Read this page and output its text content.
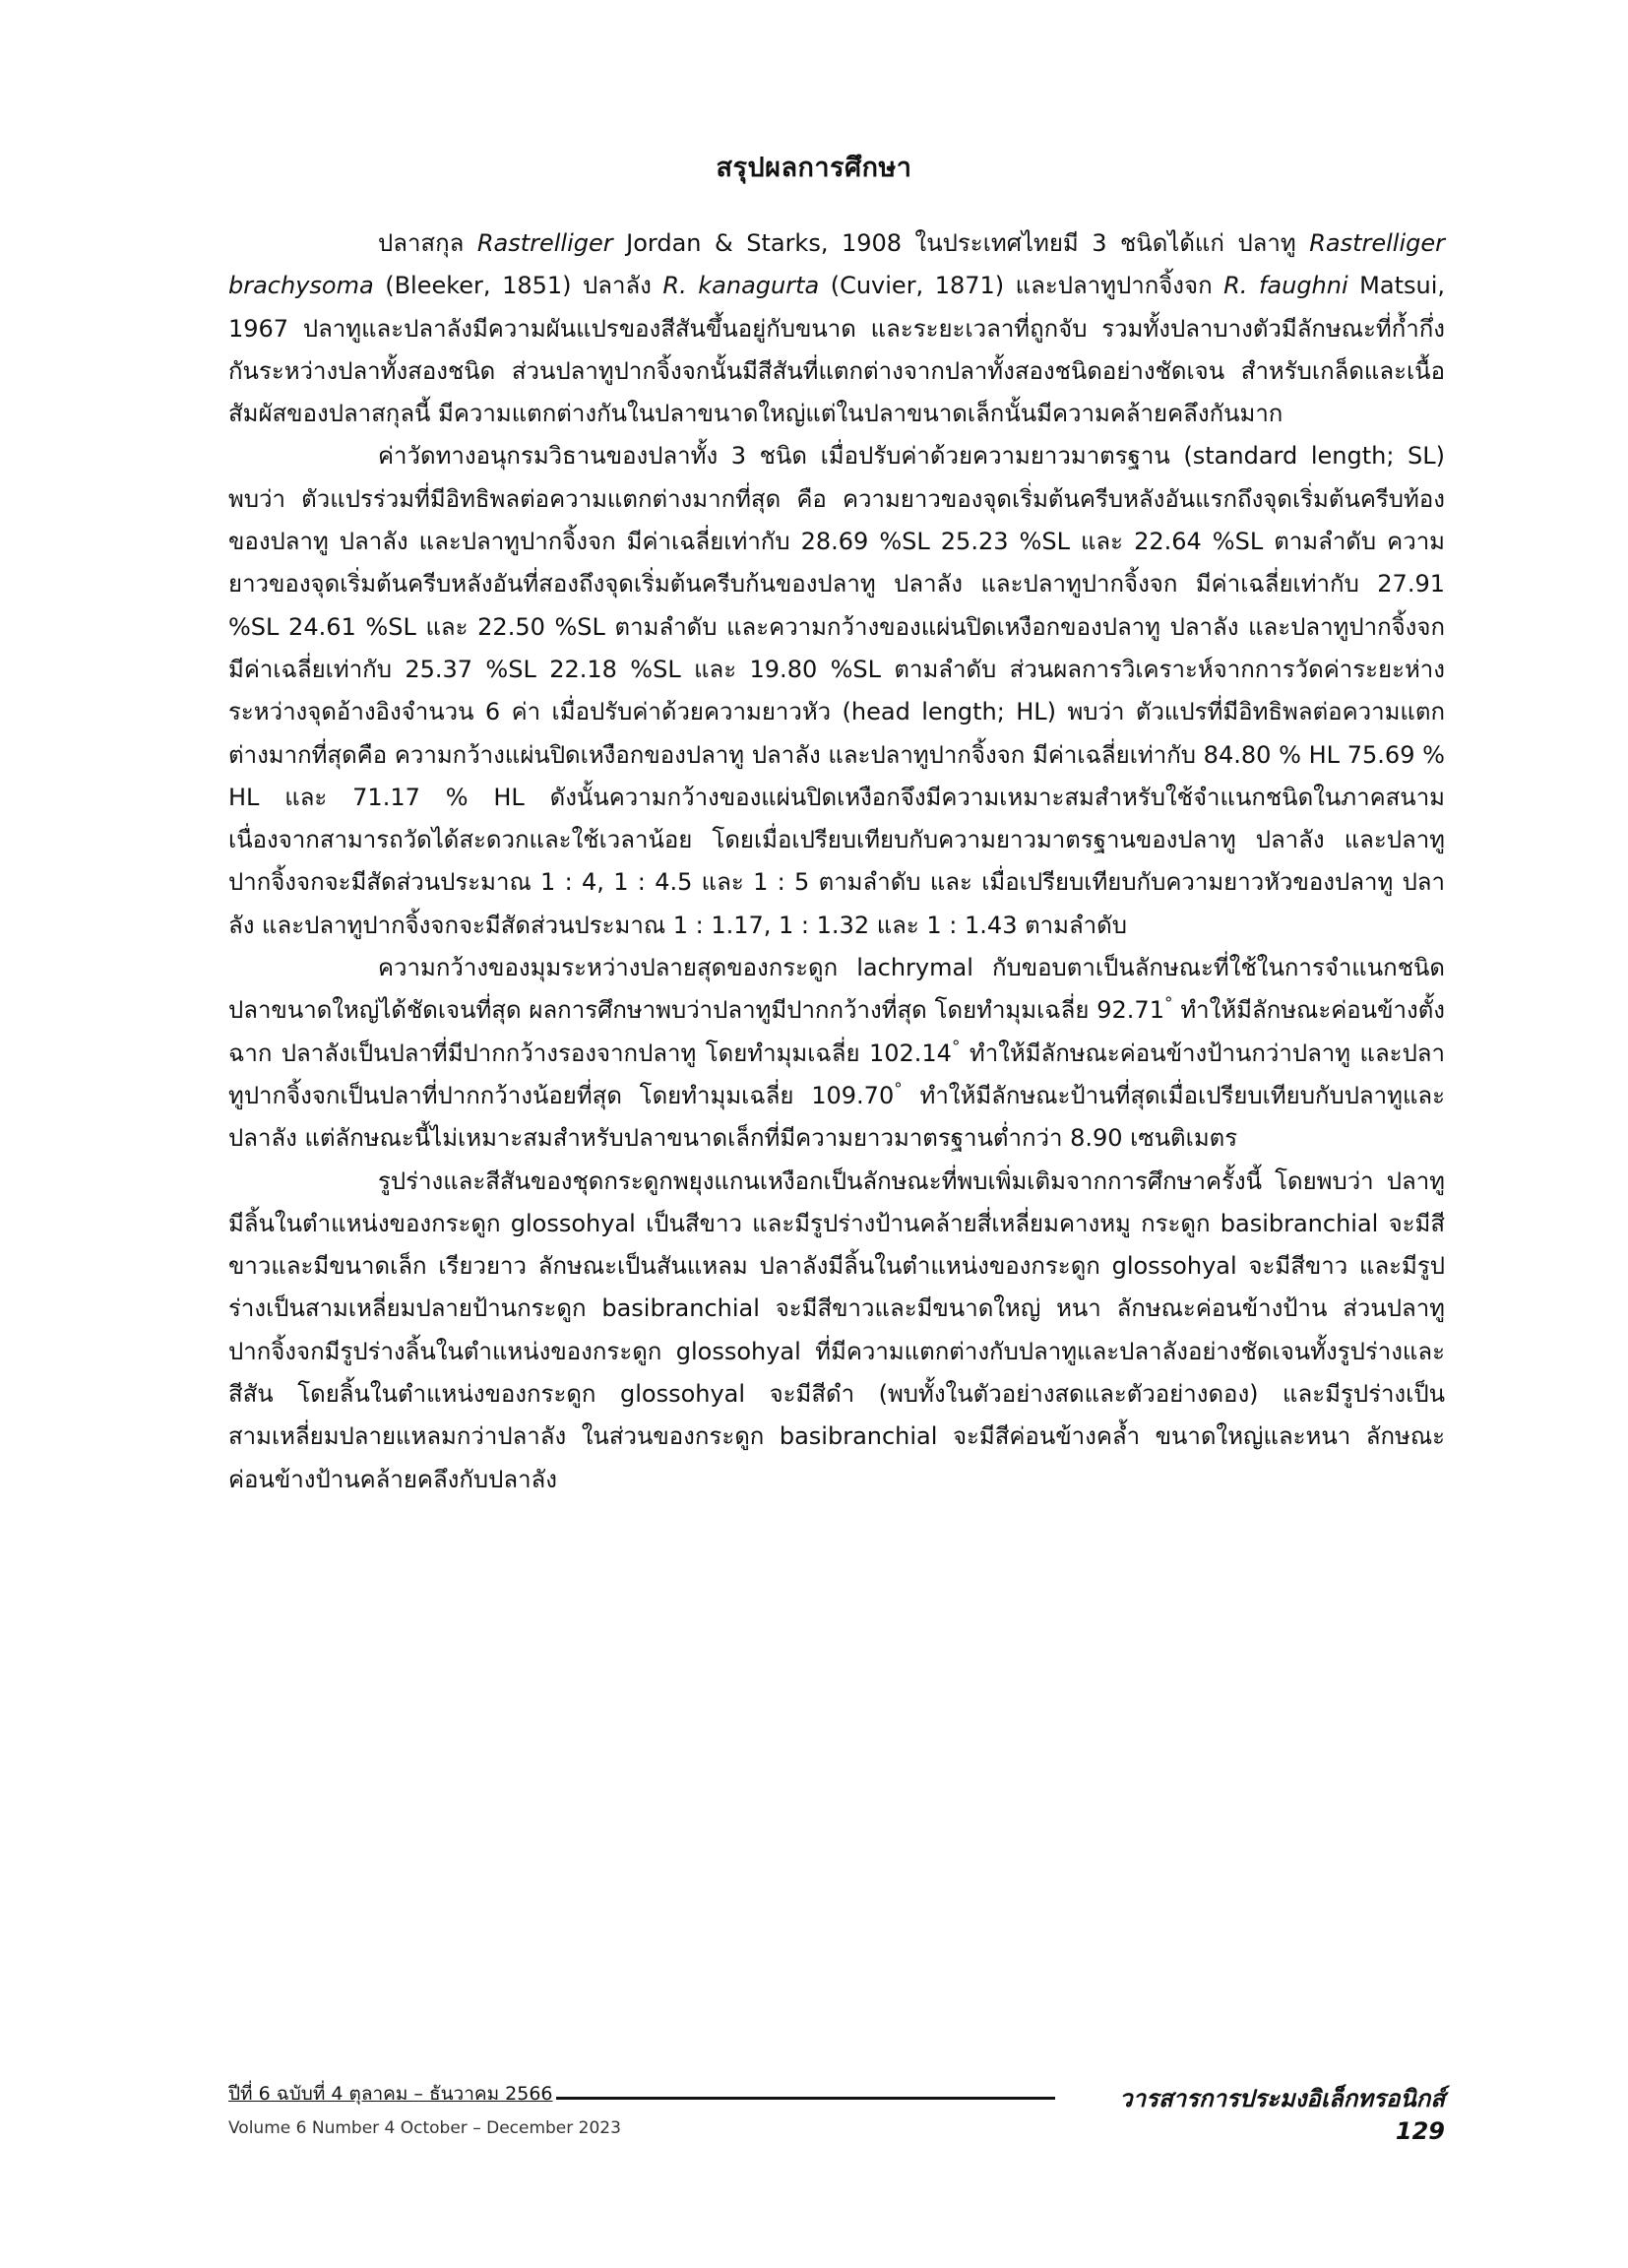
สรุปผลการศึกษา

ปลาสกุล Rastrelliger Jordan & Starks, 1908 ในประเทศไทยมี 3 ชนิดได้แก่ ปลาทู Rastrelliger brachysoma (Bleeker, 1851) ปลาลัง R. kanagurta (Cuvier, 1871) และปลาทูปากจิ้งจก R. faughni Matsui, 1967 ปลาทูและปลาลังมีความผันแปรของสีสันขึ้นอยู่กับขนาด และระยะเวลาที่ถูกจับ รวมทั้งปลาบางตัวมีลักษณะที่ก้ำกึ่งกันระหว่างปลาทั้งสองชนิด ส่วนปลาทูปากจิ้งจกนั้นมีสีสันที่แตกต่างจากปลาทั้งสองชนิดอย่างชัดเจน สำหรับเกล็ดและเนื้อสัมผัสของปลาสกุลนี้ มีความแตกต่างกันในปลาขนาดใหญ่แต่ในปลาขนาดเล็กนั้นมีความคล้ายคลึงกันมาก

ค่าวัดทางอนุกรมวิธานของปลาทั้ง 3 ชนิด เมื่อปรับค่าด้วยความยาวมาตรฐาน (standard length; SL) พบว่า ตัวแปรร่วมที่มีอิทธิพลต่อความแตกต่างมากที่สุด คือ ความยาวของจุดเริ่มต้นครีบหลังอันแรกถึงจุดเริ่มต้นครีบท้องของปลาทู ปลาลัง และปลาทูปากจิ้งจก มีค่าเฉลี่ยเท่ากับ 28.69 %SL 25.23 %SL และ 22.64 %SL ตามลำดับ ความยาวของจุดเริ่มต้นครีบหลังอันที่สองถึงจุดเริ่มต้นครีบก้นของปลาทู ปลาลัง และปลาทูปากจิ้งจก มีค่าเฉลี่ยเท่ากับ 27.91 %SL 24.61 %SL และ 22.50 %SL ตามลำดับ และความกว้างของแผ่นปิดเหงือกของปลาทู ปลาลัง และปลาทูปากจิ้งจก มีค่าเฉลี่ยเท่ากับ 25.37 %SL 22.18 %SL และ 19.80 %SL ตามลำดับ ส่วนผลการวิเคราะห์จากการวัดค่าระยะห่างระหว่างจุดอ้างอิงจำนวน 6 ค่า เมื่อปรับค่าด้วยความยาวหัว (head length; HL) พบว่า ตัวแปรที่มีอิทธิพลต่อความแตกต่างมากที่สุดคือ ความกว้างแผ่นปิดเหงือกของปลาทู ปลาลัง และปลาทูปากจิ้งจก มีค่าเฉลี่ยเท่ากับ 84.80 % HL 75.69 % HL และ 71.17 % HL ดังนั้นความกว้างของแผ่นปิดเหงือกจึงมีความเหมาะสมสำหรับใช้จำแนกชนิดในภาคสนามเนื่องจากสามารถวัดได้สะดวกและใช้เวลาน้อย โดยเมื่อเปรียบเทียบกับความยาวมาตรฐานของปลาทู ปลาลัง และปลาทูปากจิ้งจกจะมีสัดส่วนประมาณ 1 : 4, 1 : 4.5 และ 1 : 5 ตามลำดับ และ เมื่อเปรียบเทียบกับความยาวหัวของปลาทู ปลาลัง และปลาทูปากจิ้งจกจะมีสัดส่วนประมาณ 1 : 1.17, 1 : 1.32 และ 1 : 1.43 ตามลำดับ

ความกว้างของมุมระหว่างปลายสุดของกระดูก lachrymal กับขอบตาเป็นลักษณะที่ใช้ในการจำแนกชนิดปลาขนาดใหญ่ได้ชัดเจนที่สุด ผลการศึกษาพบว่าปลาทูมีปากกว้างที่สุด โดยทำมุมเฉลี่ย 92.71° ทำให้มีลักษณะค่อนข้างตั้งฉาก ปลาลังเป็นปลาที่มีปากกว้างรองจากปลาทู โดยทำมุมเฉลี่ย 102.14° ทำให้มีลักษณะค่อนข้างป้านกว่าปลาทู และปลาทูปากจิ้งจกเป็นปลาที่ปากกว้างน้อยที่สุด โดยทำมุมเฉลี่ย 109.70° ทำให้มีลักษณะป้านที่สุดเมื่อเปรียบเทียบกับปลาทูและปลาลัง แต่ลักษณะนี้ไม่เหมาะสมสำหรับปลาขนาดเล็กที่มีความยาวมาตรฐานต่ำกว่า 8.90 เซนติเมตร

รูปร่างและสีสันของชุดกระดูกพยุงแกนเหงือกเป็นลักษณะที่พบเพิ่มเติมจากการศึกษาครั้งนี้ โดยพบว่า ปลาทูมีลิ้นในตำแหน่งของกระดูก glossohyal เป็นสีขาว และมีรูปร่างป้านคล้ายสี่เหลี่ยมคางหมู กระดูก basibranchial จะมีสีขาวและมีขนาดเล็ก เรียวยาว ลักษณะเป็นสันแหลม ปลาลังมีลิ้นในตำแหน่งของกระดูก glossohyal จะมีสีขาว และมีรูปร่างเป็นสามเหลี่ยมปลายป้านกระดูก basibranchial จะมีสีขาวและมีขนาดใหญ่ หนา ลักษณะค่อนข้างป้าน ส่วนปลาทูปากจิ้งจกมีรูปร่างลิ้นในตำแหน่งของกระดูก glossohyal ที่มีความแตกต่างกับปลาทูและปลาลังอย่างชัดเจนทั้งรูปร่างและสีสัน โดยลิ้นในตำแหน่งของกระดูก glossohyal จะมีสีดำ (พบทั้งในตัวอย่างสดและตัวอย่างดอง) และมีรูปร่างเป็นสามเหลี่ยมปลายแหลมกว่าปลาลัง ในส่วนของกระดูก basibranchial จะมีสีค่อนข้างคล้ำ ขนาดใหญ่และหนา ลักษณะค่อนข้างป้านคล้ายคลึงกับปลาลัง

ปีที่ 6 ฉบับที่ 4 ตุลาคม – ธันวาคม 2566	วารสารการประมงอิเล็กทรอนิกส์ 129
Volume 6 Number 4 October – December 2023
